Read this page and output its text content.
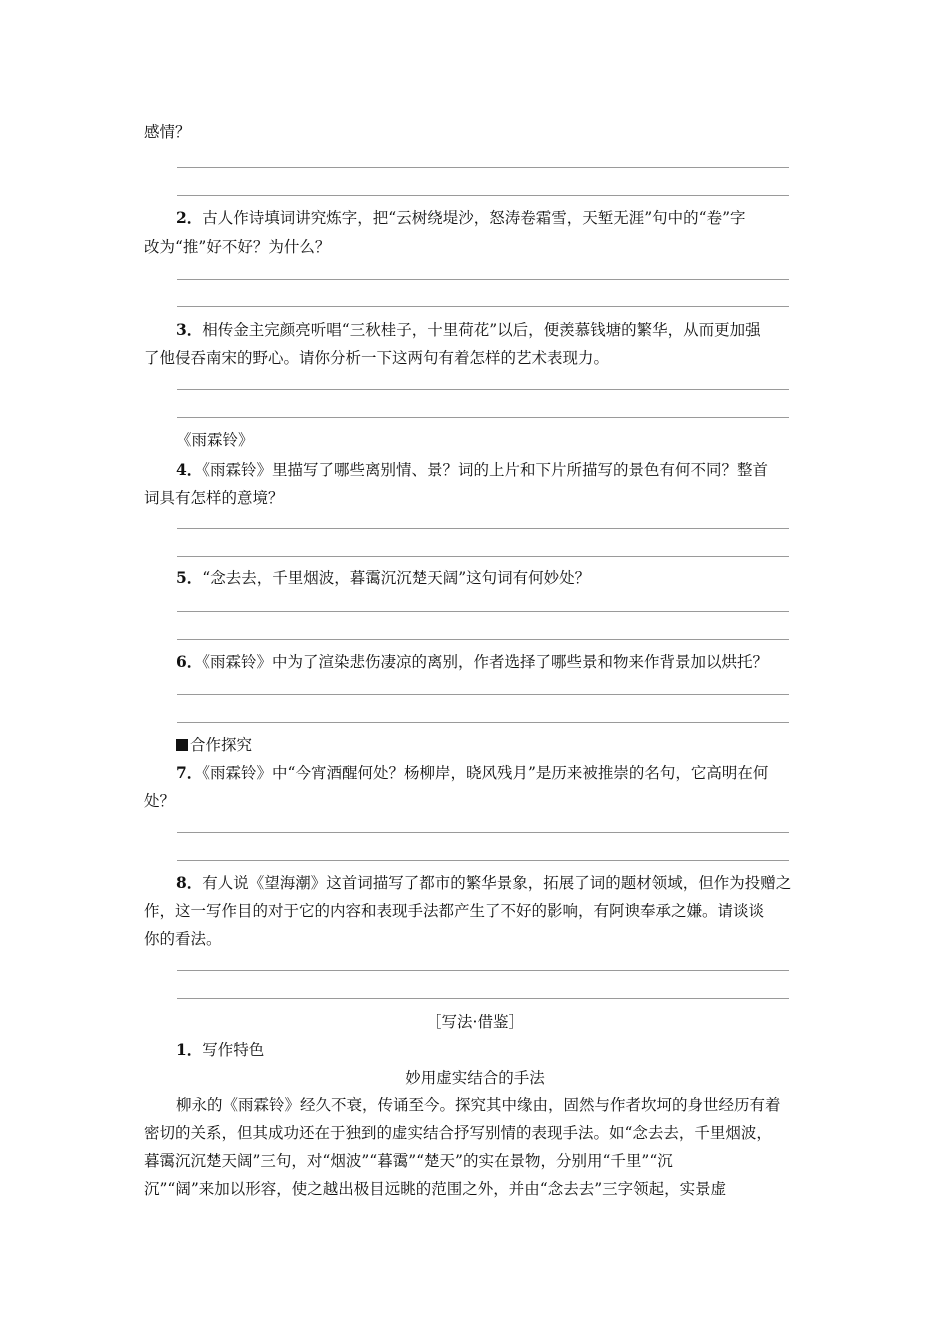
感情？
2．古人作诗填词讲究炼字，把“云树绕堤沙，怒涛卷霜雪，天堑无涯”句中的“卷”字
改为“推”好不好？为什么？
3．相传金主完颜亮听唱“三秋桂子，十里荷花”以后，便羡慕钱塘的繁华，从而更加强
了他侵吞南宋的野心。请你分析一下这两句有着怎样的艺术表现力。
《雨霖铃》
4．《雨霖铃》里描写了哪些离别情、景？词的上片和下片所描写的景色有何不同？整首
词具有怎样的意境？
5．“念去去，千里烟波，暮霭沉沉楚天阔”这句词有何妙处？
6．《雨霖铃》中为了渲染悲伤凄凉的离别，作者选择了哪些景和物来作背景加以烘托？
合作探究
7．《雨霖铃》中“今宵酒醒何处？杨柳岸，晓风残月”是历来被推崇的名句，它高明在何
处？
8．有人说《望海潮》这首词描写了都市的繁华景象，拓展了词的题材领域，但作为投赠之
作，这一写作目的对于它的内容和表现手法都产生了不好的影响，有阿谀奉承之嫌。请谈谈
你的看法。
［写法·借鉴］
1．写作特色
妙用虚实结合的手法
柳永的《雨霖铃》经久不衰，传诵至今。探究其中缘由，固然与作者坎坷的身世经历有着
密切的关系，但其成功还在于独到的虚实结合抒写别情的表现手法。如“念去去，千里烟波，
暮霭沉沉楚天阔”三句，对“烟波”“暮霭”“楚天”的实在景物，分别用“千里”“沉
沉”“阔”来加以形容，使之越出极目远眺的范围之外，并由“念去去”三字领起，实景虚
